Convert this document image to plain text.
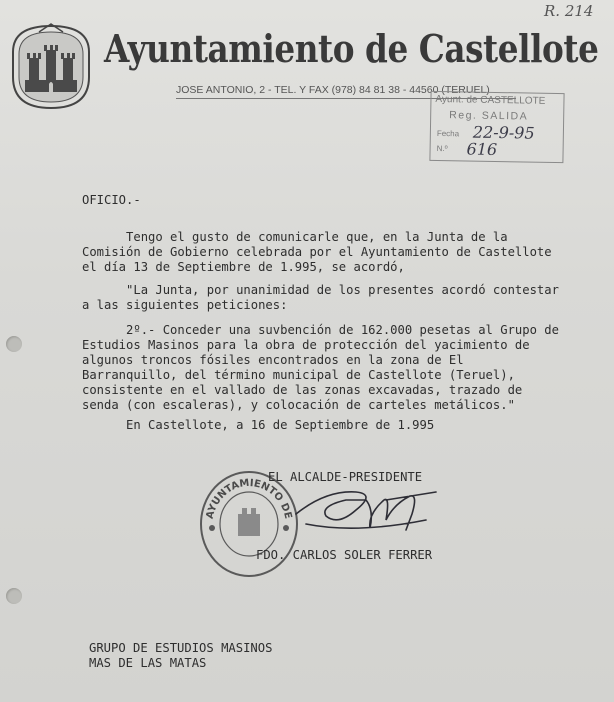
R. 214
Ayuntamiento de Castellote
JOSE ANTONIO, 2 - TEL. Y FAX (978) 84 81 38 - 44560 (TERUEL)
Ayunt. de CASTELLOTE
Reg. SALIDA
Fecha 22-9-95
N.º 616
OFICIO.-
Tengo el gusto de comunicarle que, en la Junta de la
Comisión de Gobierno celebrada por el Ayuntamiento de Castellote
el día 13 de Septiembre de 1.995, se acordó,
"La Junta, por unanimidad de los presentes acordó contestar
a las siguientes peticiones:
2º.- Conceder una suvbención de 162.000 pesetas al Grupo de
Estudios Masinos para la obra de protección del yacimiento de
algunos troncos fósiles encontrados en la zona de El
Barranquillo, del término municipal de Castellote (Teruel),
consistente en el vallado de las zonas excavadas, trazado de
senda (con escaleras), y colocación de carteles metálicos."
En Castellote, a 16 de Septiembre de 1.995
AYUNTAMIENTO DE
EL ALCALDE-PRESIDENTE
FDO. CARLOS SOLER FERRER
GRUPO DE ESTUDIOS MASINOS
MAS DE LAS MATAS
